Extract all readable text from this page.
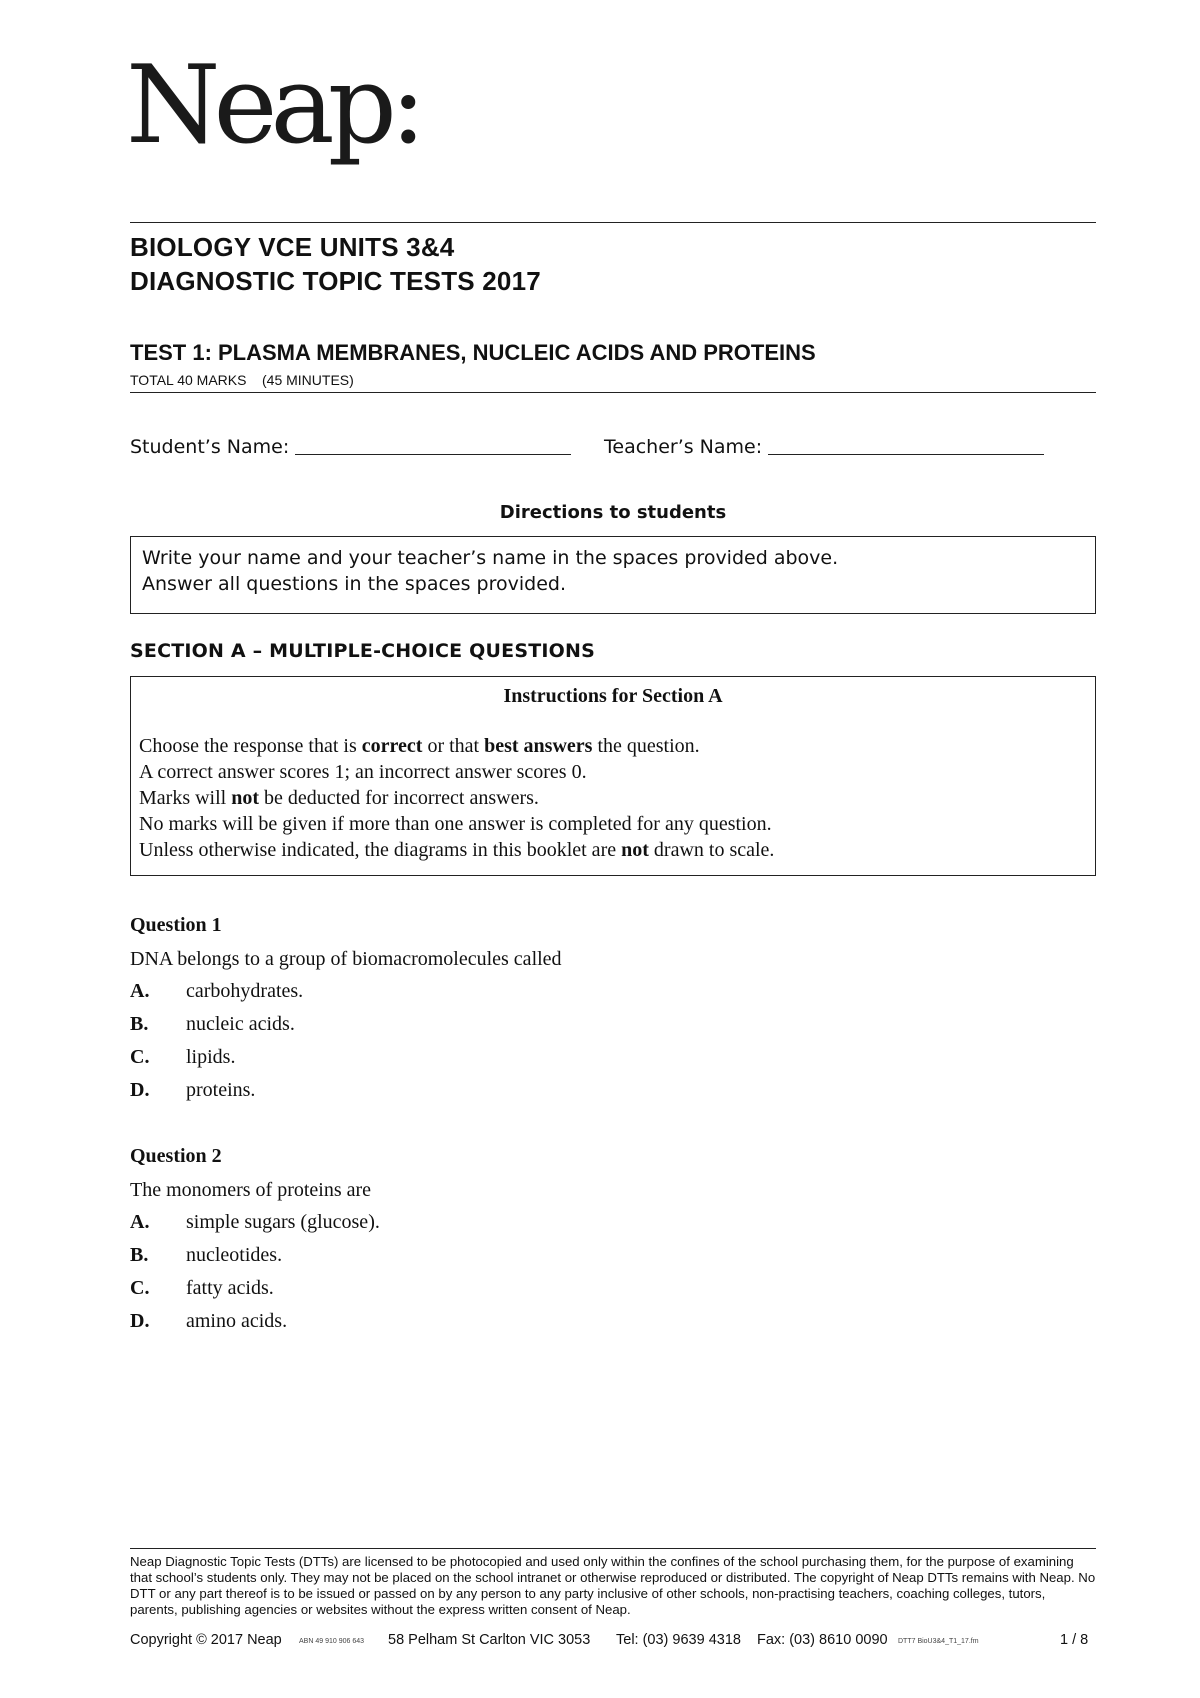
Neap:
BIOLOGY VCE UNITS 3&4
DIAGNOSTIC TOPIC TESTS 2017
TEST 1: PLASMA MEMBRANES, NUCLEIC ACIDS AND PROTEINS
TOTAL 40 MARKS    (45 MINUTES)
Student’s Name:	Teacher’s Name:
Directions to students

Write your name and your teacher’s name in the spaces provided above.

Answer all questions in the spaces provided.

SECTION A – MULTIPLE-CHOICE QUESTIONS
Instructions for Section A
Choose the response that is correct or that best answers the question.
A correct answer scores 1; an incorrect answer scores 0.
Marks will not be deducted for incorrect answers.
No marks will be given if more than one answer is completed for any question.
Unless otherwise indicated, the diagrams in this booklet are not drawn to scale.
Question 1
DNA belongs to a group of biomacromolecules called
A. carbohydrates.
B. nucleic acids.
C. lipids.
D. proteins.
Question 2
The monomers of proteins are
A. simple sugars (glucose).
B. nucleotides.
C. fatty acids.
D. amino acids.
Neap Diagnostic Topic Tests (DTTs) are licensed to be photocopied and used only within the confines of the school purchasing them, for the purpose of examining that school’s students only. They may not be placed on the school intranet or otherwise reproduced or distributed. The copyright of Neap DTTs remains with Neap. No DTT or any part thereof is to be issued or passed on by any person to any party inclusive of other schools, non-practising teachers, coaching colleges, tutors, parents, publishing agencies or websites without the express written consent of Neap.
Copyright © 2017 Neap ABN 49 910 906 643 58 Pelham St Carlton VIC 3053 Tel: (03) 9639 4318 Fax: (03) 8610 0090 DTT7 BioU3&4_T1_17.fm	1 / 8
